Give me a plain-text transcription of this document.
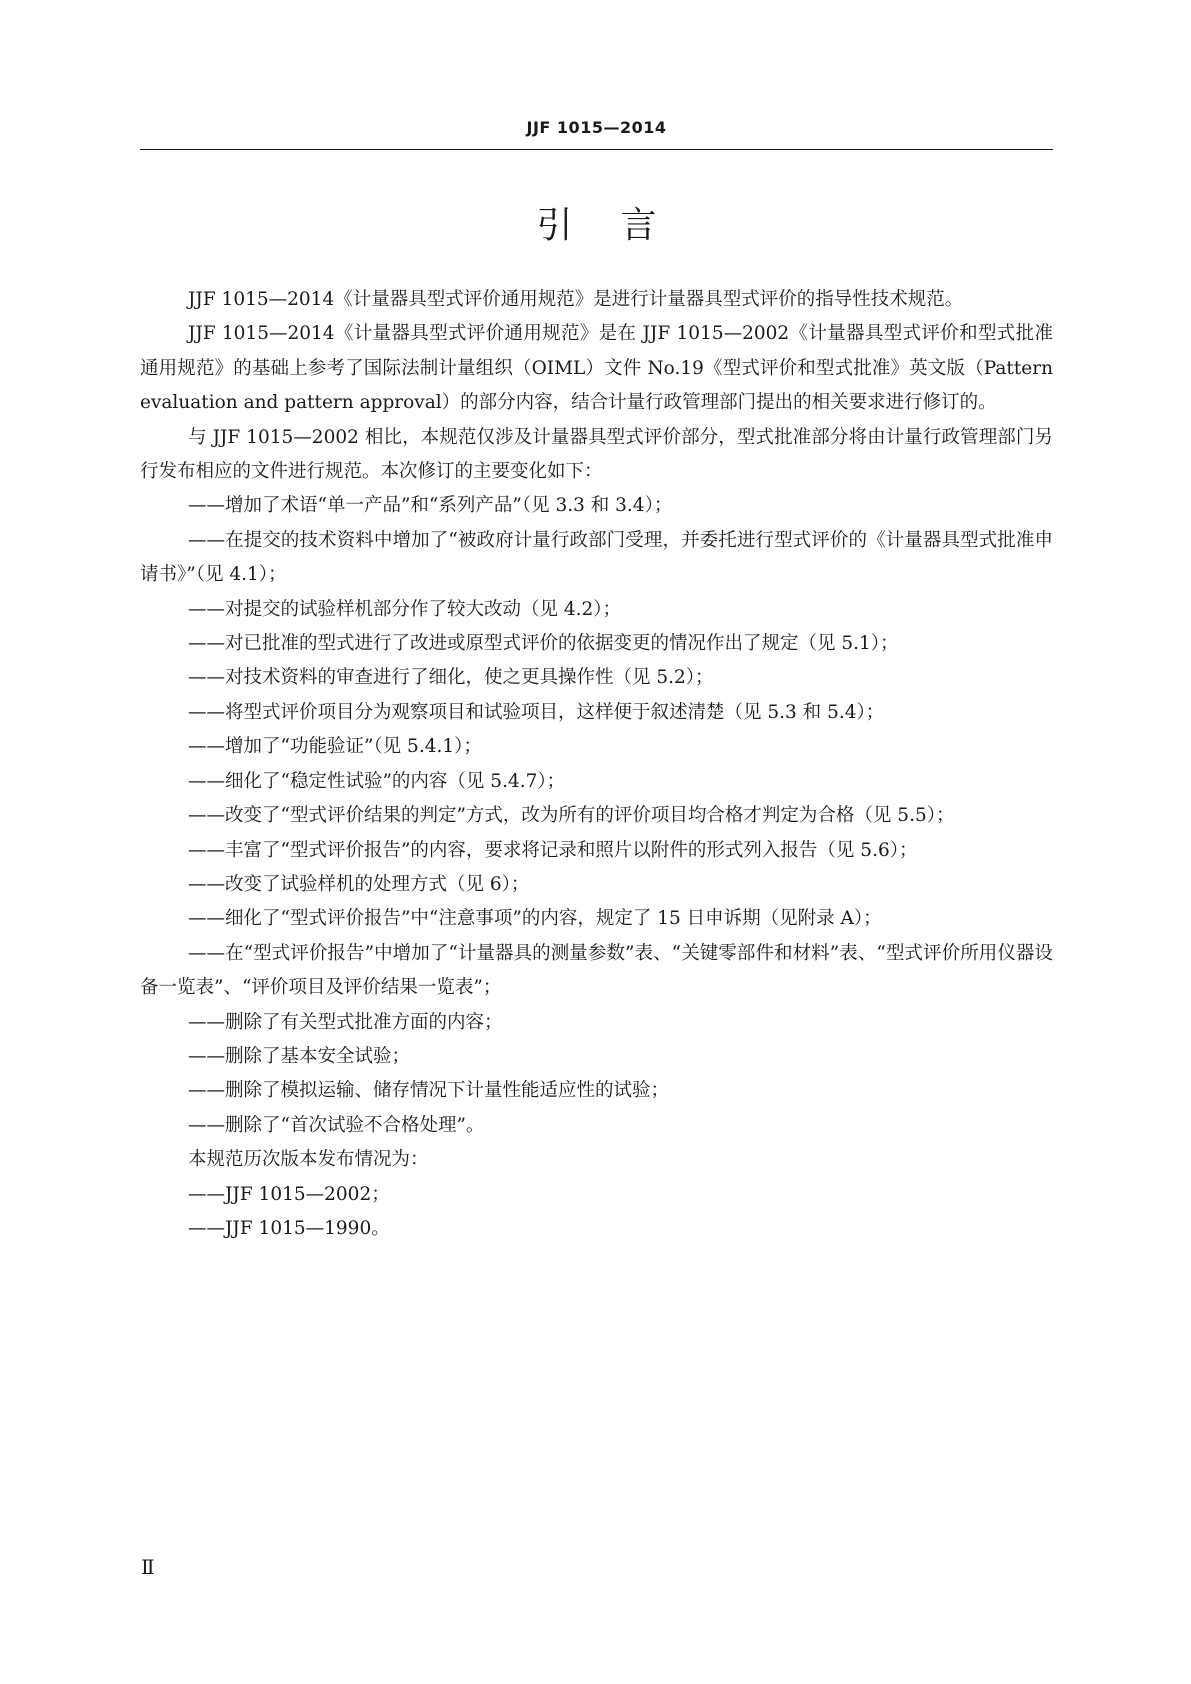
JJF 1015—2014
引言

JJF 1015—2014《计量器具型式评价通用规范》是进行计量器具型式评价的指导性技术规范。

JJF 1015—2014《计量器具型式评价通用规范》是在 JJF 1015—2002《计量器具型式评价和型式批准通用规范》的基础上参考了国际法制计量组织（OIML）文件 No.19《型式评价和型式批准》英文版（Pattern evaluation and pattern approval）的部分内容，结合计量行政管理部门提出的相关要求进行修订的。

与 JJF 1015—2002 相比，本规范仅涉及计量器具型式评价部分，型式批准部分将由计量行政管理部门另行发布相应的文件进行规范。本次修订的主要变化如下：

——增加了术语“单一产品”和“系列产品”（见 3.3 和 3.4）；

——在提交的技术资料中增加了“被政府计量行政部门受理，并委托进行型式评价的《计量器具型式批准申请书》”（见 4.1）；

——对提交的试验样机部分作了较大改动（见 4.2）；

——对已批准的型式进行了改进或原型式评价的依据变更的情况作出了规定（见 5.1）；

——对技术资料的审查进行了细化，使之更具操作性（见 5.2）；

——将型式评价项目分为观察项目和试验项目，这样便于叙述清楚（见 5.3 和 5.4）；

——增加了“功能验证”（见 5.4.1）；

——细化了“稳定性试验”的内容（见 5.4.7）；

——改变了“型式评价结果的判定”方式，改为所有的评价项目均合格才判定为合格（见 5.5）；

——丰富了“型式评价报告”的内容，要求将记录和照片以附件的形式列入报告（见 5.6）；

——改变了试验样机的处理方式（见 6）；

——细化了“型式评价报告”中“注意事项”的内容，规定了 15 日申诉期（见附录 A）；

——在“型式评价报告”中增加了“计量器具的测量参数”表、“关键零部件和材料”表、“型式评价所用仪器设备一览表”、“评价项目及评价结果一览表”；

——删除了有关型式批准方面的内容；

——删除了基本安全试验；

——删除了模拟运输、储存情况下计量性能适应性的试验；

——删除了“首次试验不合格处理”。

本规范历次版本发布情况为：

——JJF 1015—2002；

——JJF 1015—1990。

Ⅱ
